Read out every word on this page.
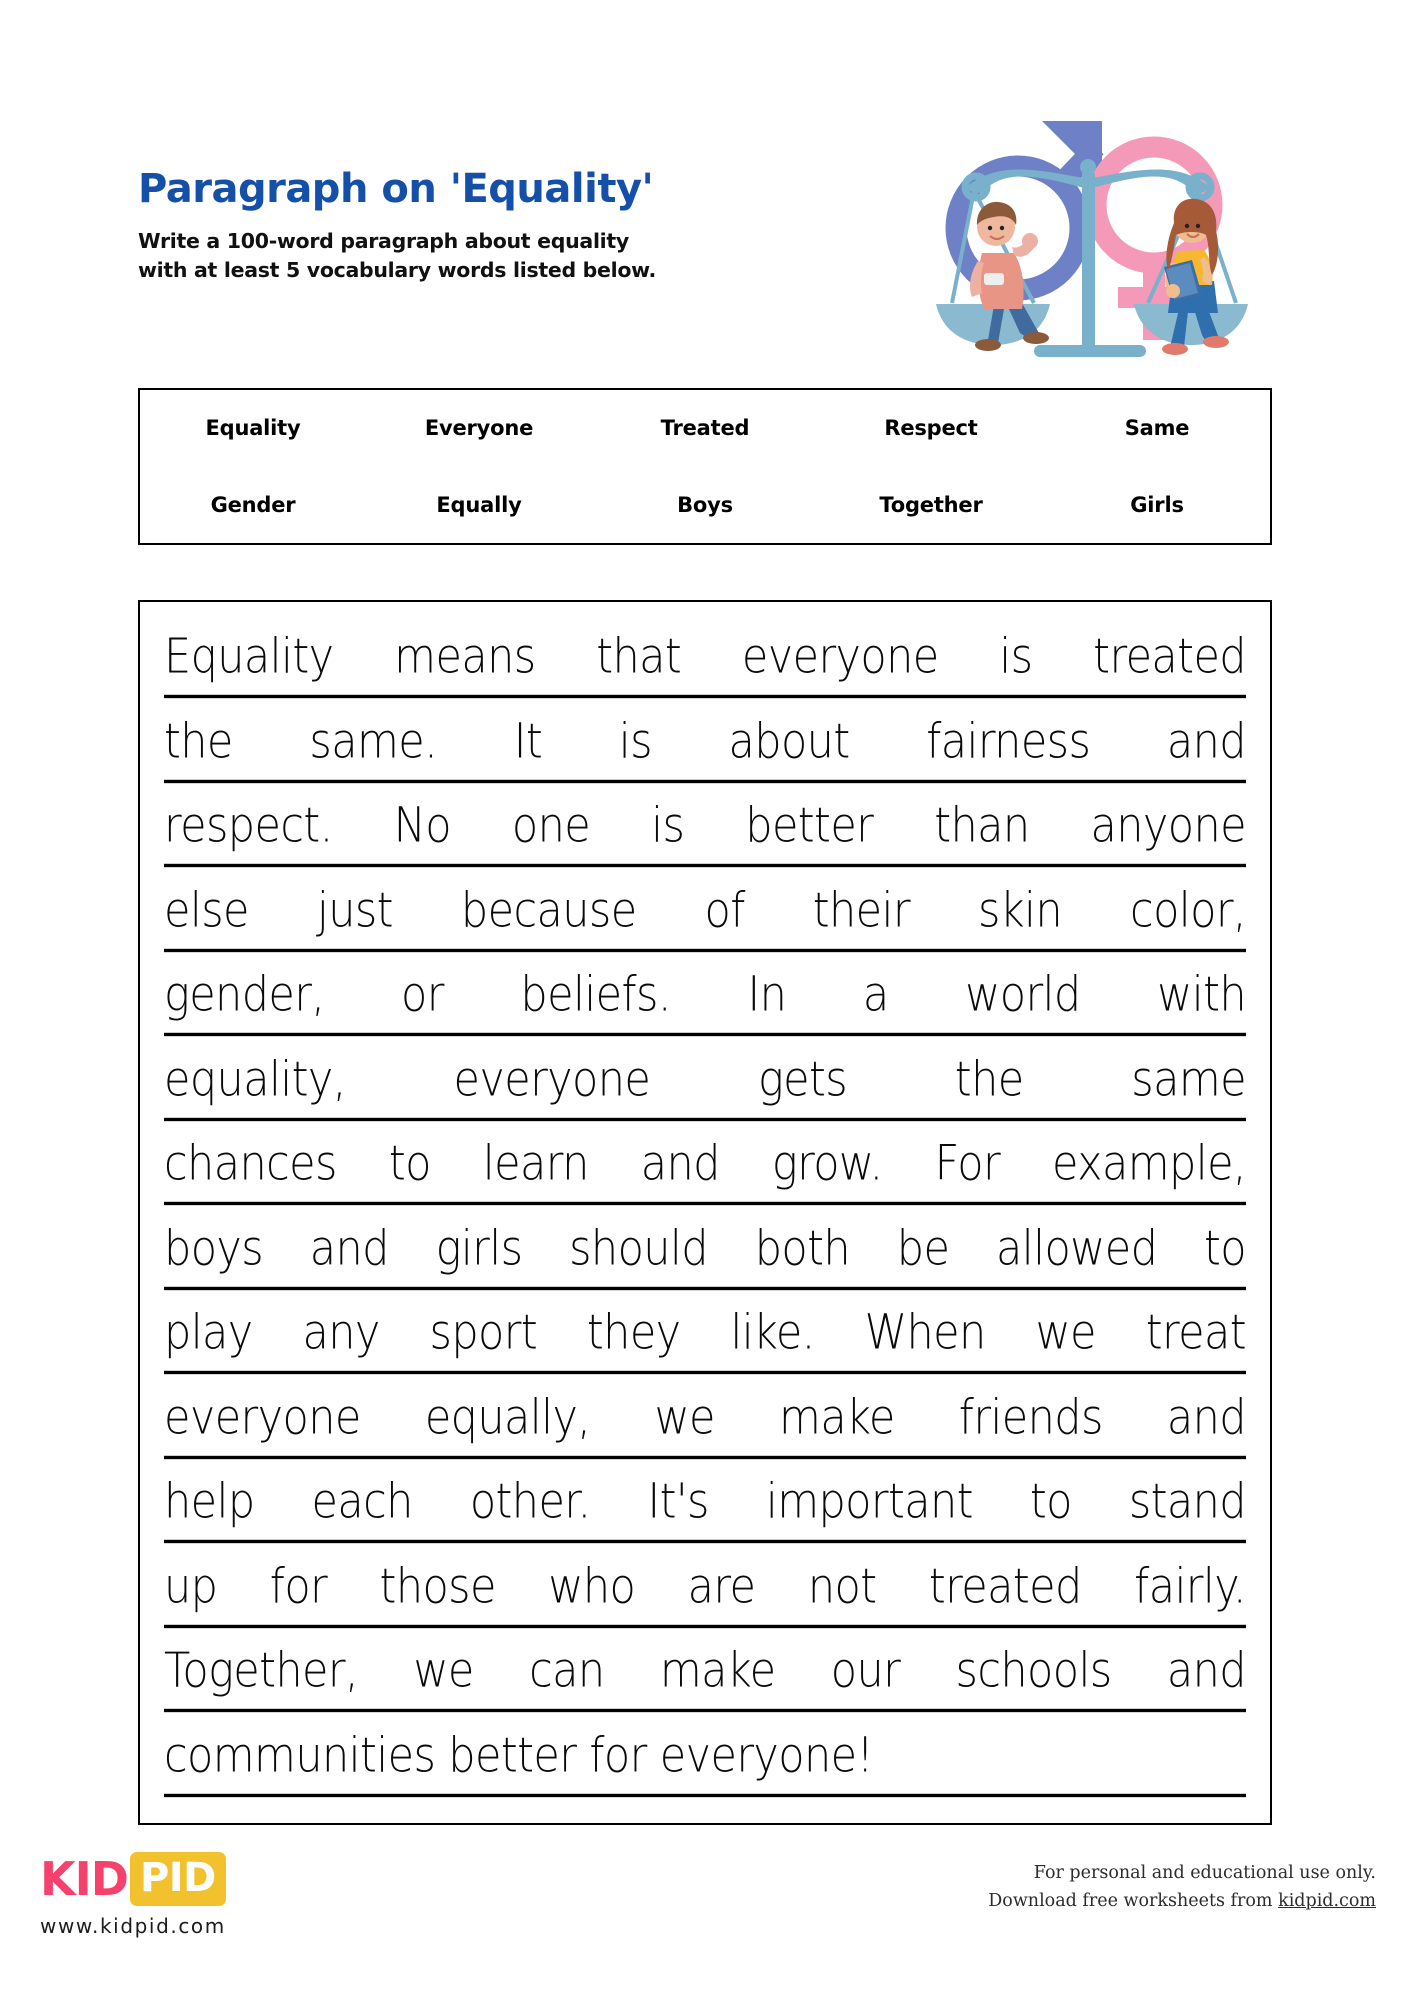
Paragraph on 'Equality'
Write a 100-word paragraph about equality
with at least 5 vocabulary words listed below.
Equality	Everyone	Treated	Respect	Same
Gender	Equally	Boys	Together	Girls
Equality means that everyone is treated
the same. It is about fairness and
respect. No one is better than anyone
else just because of their skin color,
gender, or beliefs. In a world with
equality, everyone gets the same
chances to learn and grow. For example,
boys and girls should both be allowed to
play any sport they like. When we treat
everyone equally, we make friends and
help each other. It's important to stand
up for those who are not treated fairly.
Together, we can make our schools and
communities better for everyone!
KID PID
www.kidpid.com
For personal and educational use only.
Download free worksheets from kidpid.com
